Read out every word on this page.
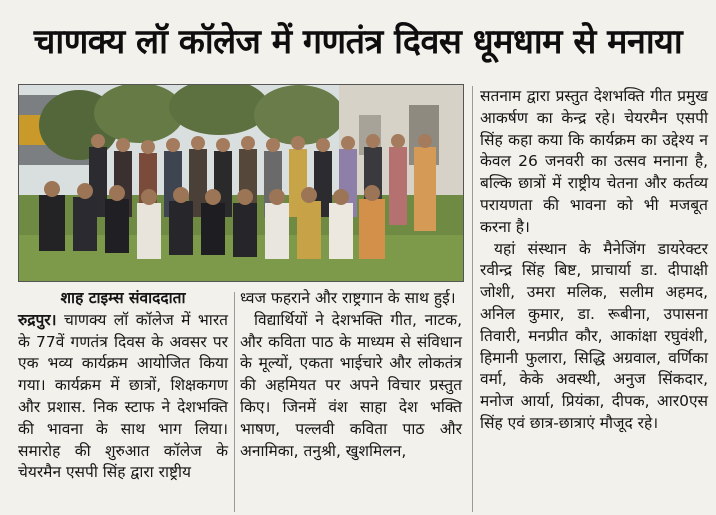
चाणक्य लॉ कॉलेज में गणतंत्र दिवस धूमधाम से मनाया

शाह टाइम्स संवाददाता

रुद्रपुर। चाणक्य लॉ कॉलेज में भारत के 77वें गणतंत्र दिवस के अवसर पर एक भव्य कार्यक्रम आयोजित किया गया। कार्यक्रम में छात्रों, शिक्षकगण और प्रशास. निक स्टाफ ने देशभक्ति की भावना के साथ भाग लिया। समारोह की शुरुआत कॉलेज के चेयरमैन एसपी सिंह द्वारा राष्ट्रीय

ध्वज फहराने और राष्ट्रगान के साथ हुई।

विद्यार्थियों ने देशभक्ति गीत, नाटक, और कविता पाठ के माध्यम से संविधान के मूल्यों, एकता भाईचारे और लोकतंत्र की अहमियत पर अपने विचार प्रस्तुत किए। जिनमें वंश साहा देश भक्ति भाषण, पल्लवी कविता पाठ और अनामिका, तनुश्री, खुशमिलन,

सतनाम द्वारा प्रस्तुत देशभक्ति गीत प्रमुख आकर्षण का केन्द्र रहे। चेयरमैन एसपी सिंह कहा कया कि कार्यक्रम का उद्देश्य न केवल 26 जनवरी का उत्सव मनाना है, बल्कि छात्रों में राष्ट्रीय चेतना और कर्तव्य परायणता की भावना को भी मजबूत करना है।

यहां संस्थान के मैनेजिंग डायरेक्टर रवीन्द्र सिंह बिष्ट, प्राचार्या डा. दीपाक्षी जोशी, उमरा मलिक, सलीम अहमद, अनिल कुमार, डा. रूबीना, उपासना तिवारी, मनप्रीत कौर, आकांक्षा रघुवंशी, हिमानी फुलारा, सिद्धि अग्रवाल, वर्णिका वर्मा, केके अवस्थी, अनुज सिंकदार, मनोज आर्या, प्रियंका, दीपक, आर0एस सिंह एवं छात्र-छात्राएं मौजूद रहे।
